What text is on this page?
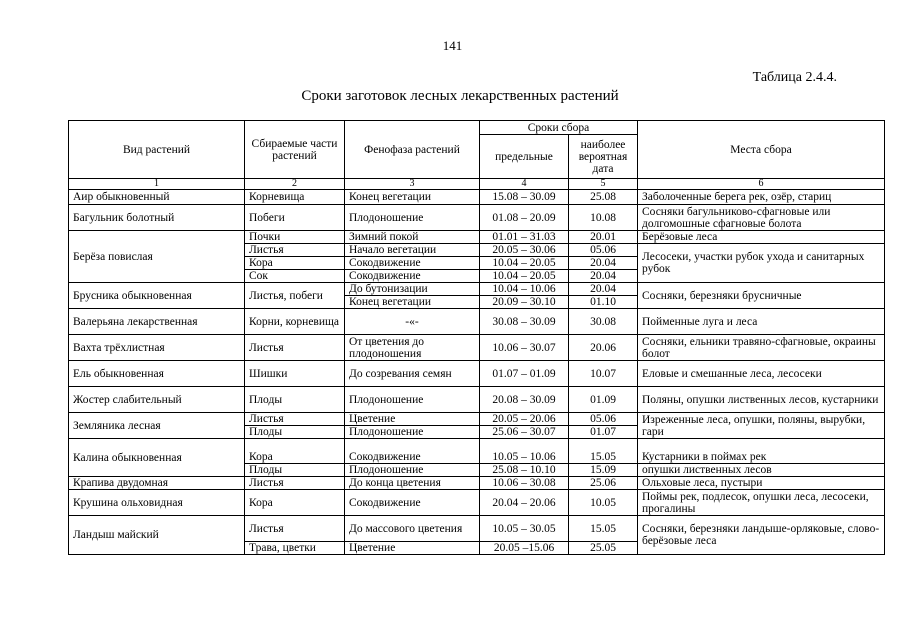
141
Таблица 2.4.4.
Сроки заготовок лесных лекарственных растений
Вид растений	Сбираемые части растений	Фенофаза растений	Сроки сбора		Места сбора
			предельные	наиболее вероятная дата	
1	2	3	4	5	6
Аир обыкновенный	Корневища	Конец вегетации	15.08 – 30.09	25.08	Заболоченные берега рек, озёр, стариц
Багульник болотный	Побеги	Плодоношение	01.08 – 20.09	10.08	Сосняки багульниково-сфагновые или долгомошные сфагновые болота
Берёза повислая	Почки	Зимний покой	01.01 – 31.03	20.01	Берёзовые леса
	Листья	Начало вегетации	20.05 – 30.06	05.06	Лесосеки, участки рубок ухода и санитарных рубок
	Кора	Сокодвижение	10.04 – 20.05	20.04	
	Сок	Сокодвижение	10.04 – 20.05	20.04	
Брусника обыкновенная	Листья, побеги	До бутонизации	10.04 – 10.06	20.04	Сосняки, березняки брусничные
		Конец вегетации	20.09 – 30.10	01.10	
Валерьяна лекарственная	Корни, корневища	-«-	30.08 – 30.09	30.08	Пойменные луга и леса
Вахта трёхлистная	Листья	От цветения до плодоношения	10.06 – 30.07	20.06	Сосняки, ельники травяно-сфагновые, окраины болот
Ель обыкновенная	Шишки	До созревания семян	01.07 – 01.09	10.07	Еловые и смешанные леса, лесосеки
Жостер слабительный	Плоды	Плодоношение	20.08 – 30.09	01.09	Поляны, опушки лиственных лесов, кустарники
Земляника лесная	Листья	Цветение	20.05 – 20.06	05.06	Изреженные леса, опушки, поляны, вырубки, гари
	Плоды	Плодоношение	25.06 – 30.07	01.07	
Калина обыкновенная	Кора	Сокодвижение	10.05 – 10.06	15.05	Кустарники в поймах рек
	Плоды	Плодоношение	25.08 – 10.10	15.09	опушки лиственных лесов
Крапива двудомная	Листья	До конца цветения	10.06 – 30.08	25.06	Ольховые леса, пустыри
Крушина ольховидная	Кора	Сокодвижение	20.04 – 20.06	10.05	Поймы рек, подлесок, опушки леса, лесосеки, прогалины
Ландыш майский	Листья	До массового цветения	10.05 – 30.05	15.05	Сосняки, березняки ландыше-орляковые, слово-берёзовые леса
	Трава, цветки	Цветение	20.05 –15.06	25.05	
